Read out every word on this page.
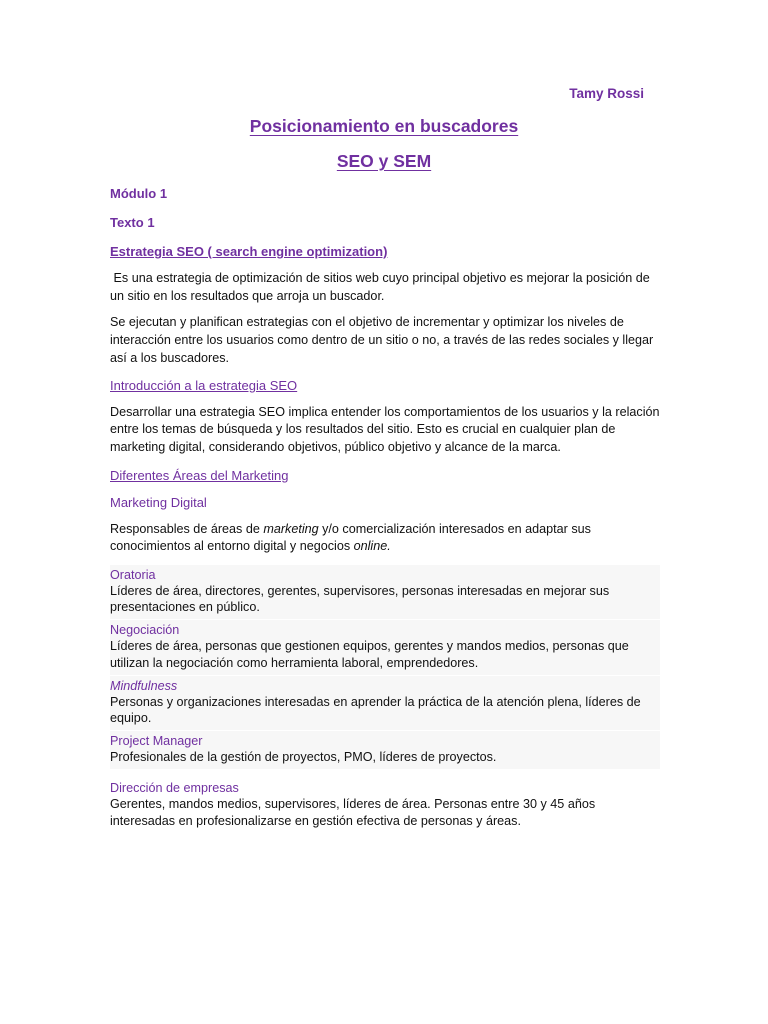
Tamy Rossi
Posicionamiento en buscadores
SEO y SEM
Módulo 1
Texto 1
Estrategia SEO ( search engine optimization)

Es una estrategia de optimización de sitios web cuyo principal objetivo es mejorar la posición de un sitio en los resultados que arroja un buscador.

Se ejecutan y planifican estrategias con el objetivo de incrementar y optimizar los niveles de interacción entre los usuarios como dentro de un sitio o no, a través de las redes sociales y llegar así a los buscadores.

Introducción a la estrategia SEO

Desarrollar una estrategia SEO implica entender los comportamientos de los usuarios y la relación entre los temas de búsqueda y los resultados del sitio. Esto es crucial en cualquier plan de marketing digital, considerando objetivos, público objetivo y alcance de la marca.

Diferentes Áreas del Marketing
Marketing Digital

Responsables de áreas de marketing y/o comercialización interesados en adaptar sus conocimientos al entorno digital y negocios online.

Oratoria

Líderes de área, directores, gerentes, supervisores, personas interesadas en mejorar sus presentaciones en público.

Negociación

Líderes de área, personas que gestionen equipos, gerentes y mandos medios, personas que utilizan la negociación como herramienta laboral, emprendedores.

Mindfulness

Personas y organizaciones interesadas en aprender la práctica de la atención plena, líderes de equipo.

Project Manager

Profesionales de la gestión de proyectos, PMO, líderes de proyectos.

Dirección de empresas

Gerentes, mandos medios, supervisores, líderes de área. Personas entre 30 y 45 años interesadas en profesionalizarse en gestión efectiva de personas y áreas.
